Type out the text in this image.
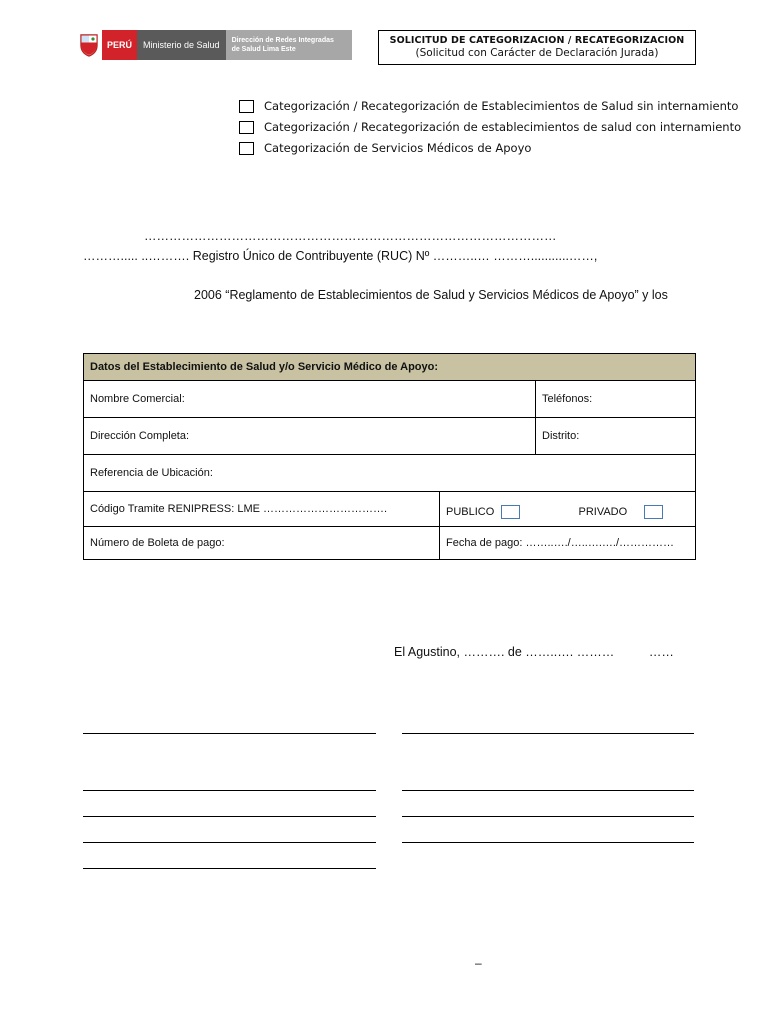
PERÚ	Ministerio de Salud	Dirección de Redes Integradas
de Salud Lima Este
SOLICITUD DE CATEGORIZACION / RECATEGORIZACION
(Solicitud con Carácter de Declaración Jurada)
Categorización / Recategorización de Establecimientos de Salud sin internamiento
Categorización / Recategorización de establecimientos de salud con internamiento
Categorización de Servicios Médicos de Apoyo
………………………………………………………………………………………
………..... ..………. Registro Único de Contribuyente (RUC) Nº ………..… ………...........……,
2006 “Reglamento de Establecimientos de Salud y Servicios Médicos de Apoyo” y los
Datos del Establecimiento de Salud y/o Servicio Médico de Apoyo:		
Nombre Comercial:		Teléfonos:
Dirección Completa:		Distrito:
Referencia de Ubicación:		
Código Tramite RENIPRESS: LME …………………………….	PUBLICO PRIVADO	
Número de Boleta de pago:	Fecha de pago: ……..…./…..….…./……………	
El Agustino, ………. de ……..…. ………          ……
–
